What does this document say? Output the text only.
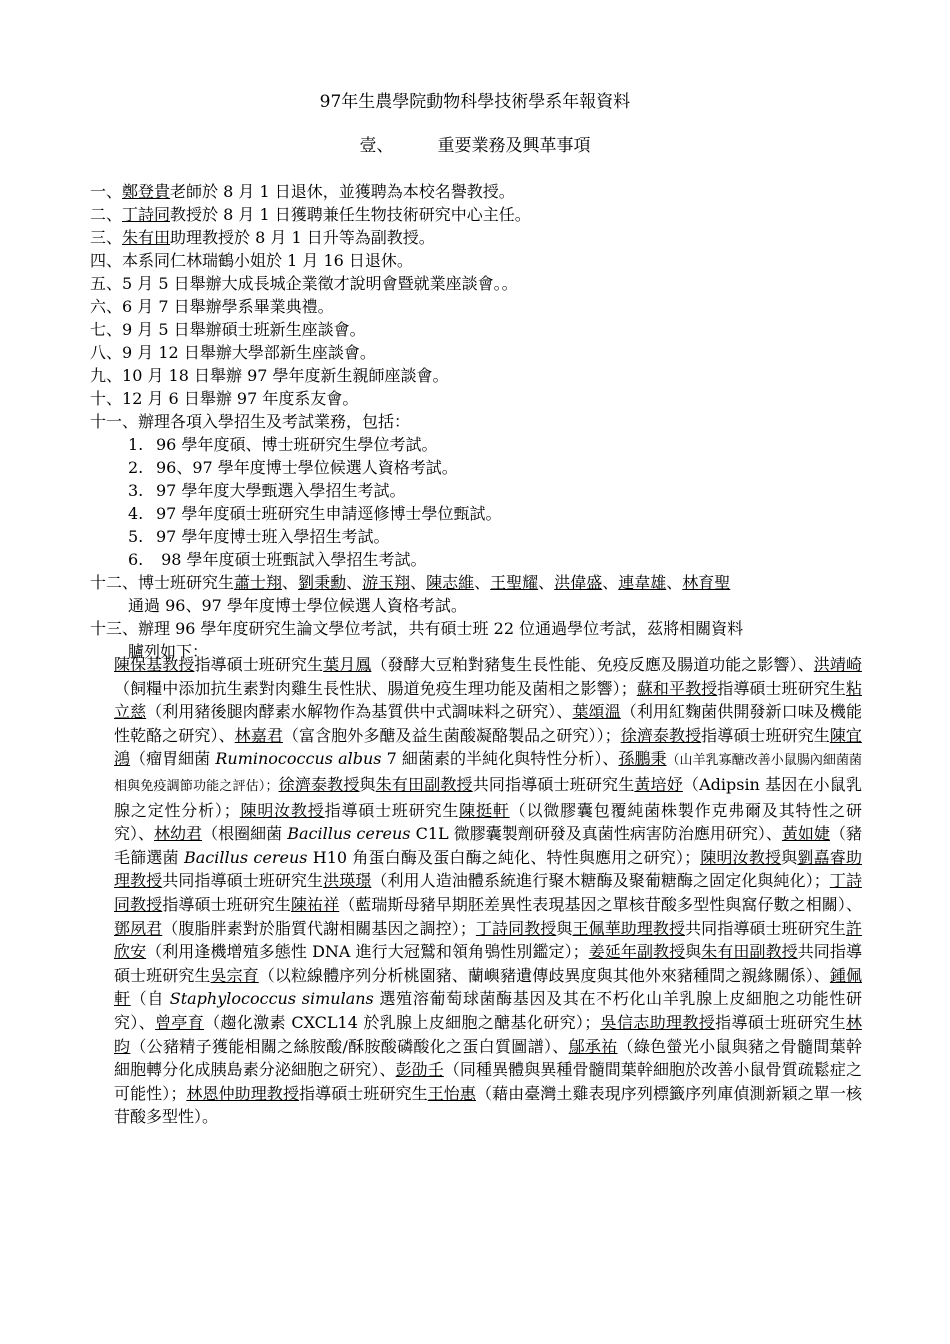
97年生農學院動物科學技術學系年報資料
壹、	重要業務及興革事項
一、鄭登貴老師於 8 月 1 日退休，並獲聘為本校名譽教授。
二、丁詩同教授於 8 月 1 日獲聘兼任生物技術研究中心主任。
三、朱有田助理教授於 8 月 1 日升等為副教授。
四、本系同仁林瑞鶴小姐於 1 月 16 日退休。
五、5 月 5 日舉辦大成長城企業徵才說明會暨就業座談會。。
六、6 月 7 日舉辦學系畢業典禮。
七、9 月 5 日舉辦碩士班新生座談會。
八、9 月 12 日舉辦大學部新生座談會。
九、10 月 18 日舉辦 97 學年度新生親師座談會。
十、12 月 6 日舉辦 97 年度系友會。
十一、辦理各項入學招生及考試業務，包括：
1. 96 學年度碩、博士班研究生學位考試。
2. 96、97 學年度博士學位候選人資格考試。
3. 97 學年度大學甄選入學招生考試。
4. 97 學年度碩士班研究生申請逕修博士學位甄試。
5. 97 學年度博士班入學招生考試。
6. 98 學年度碩士班甄試入學招生考試。
十二、博士班研究生蕭士翔、劉秉勳、游玉翔、陳志維、王聖耀、洪偉盛、連韋雄、林育聖
通過 96、97 學年度博士學位候選人資格考試。
十三、辦理 96 學年度研究生論文學位考試，共有碩士班 22 位通過學位考試，茲將相關資料
臚列如下：
陳保基教授指導碩士班研究生葉月鳳（發酵大豆粕對豬隻生長性能、免疫反應及腸道功能之影響）、洪靖崎（飼糧中添加抗生素對肉雞生長性狀、腸道免疫生理功能及菌相之影響）；蘇和平教授指導碩士班研究生粘立慈（利用豬後腿肉酵素水解物作為基質供中式調味料之研究）、葉頌溫（利用紅麴菌供開發新口味及機能性乾酪之研究）、林嘉君（富含胞外多醣及益生菌酸凝酪製品之研究））；徐濟泰教授指導碩士班研究生陳宜鴻（瘤胃細菌 Ruminococcus albus 7 細菌素的半純化與特性分析）、孫鵬秉（山羊乳寡醣改善小鼠腸內細菌菌相與免疫調節功能之評估）；徐濟泰教授與朱有田副教授共同指導碩士班研究生黃培妤（Adipsin 基因在小鼠乳腺之定性分析）；陳明汝教授指導碩士班研究生陳挺軒（以微膠囊包覆純菌株製作克弗爾及其特性之研究）、林幼君（根圈細菌 Bacillus cereus C1L 微膠囊製劑研發及真菌性病害防治應用研究）、黃如婕（豬毛篩選菌 Bacillus cereus H10 角蛋白酶及蛋白酶之純化、特性與應用之研究）；陳明汝教授與劉嚞睿助理教授共同指導碩士班研究生洪瑛璟（利用人造油體系統進行聚木糖酶及聚葡糖酶之固定化與純化）；丁詩同教授指導碩士班研究生陳祐祥（藍瑞斯母豬早期胚差異性表現基因之單核苷酸多型性與窩仔數之相關）、鄧夙君（腹脂胖素對於脂質代謝相關基因之調控）；丁詩同教授與王佩華助理教授共同指導碩士班研究生許欣安（利用逢機增殖多態性 DNA 進行大冠鷲和領角鴞性別鑑定）；姜延年副教授與朱有田副教授共同指導碩士班研究生吳宗育（以粒線體序列分析桃園豬、蘭嶼豬遺傳歧異度與其他外來豬種間之親緣關係）、鍾佩軒（自 Staphylococcus simulans 選殖溶葡萄球菌酶基因及其在不朽化山羊乳腺上皮細胞之功能性研究）、曾亭育（趨化激素 CXCL14 於乳腺上皮細胞之醣基化研究）；吳信志助理教授指導碩士班研究生林昀（公豬精子獲能相關之絲胺酸/酥胺酸磷酸化之蛋白質圖譜）、鄔承祐（綠色螢光小鼠與豬之骨髓間葉幹細胞轉分化成胰島素分泌細胞之研究）、彭劭壬（同種異體與異種骨髓間葉幹細胞於改善小鼠骨質疏鬆症之可能性）；林恩仲助理教授指導碩士班研究生王怡惠（藉由臺灣土雞表現序列標籤序列庫偵測新穎之單一核苷酸多型性）。
